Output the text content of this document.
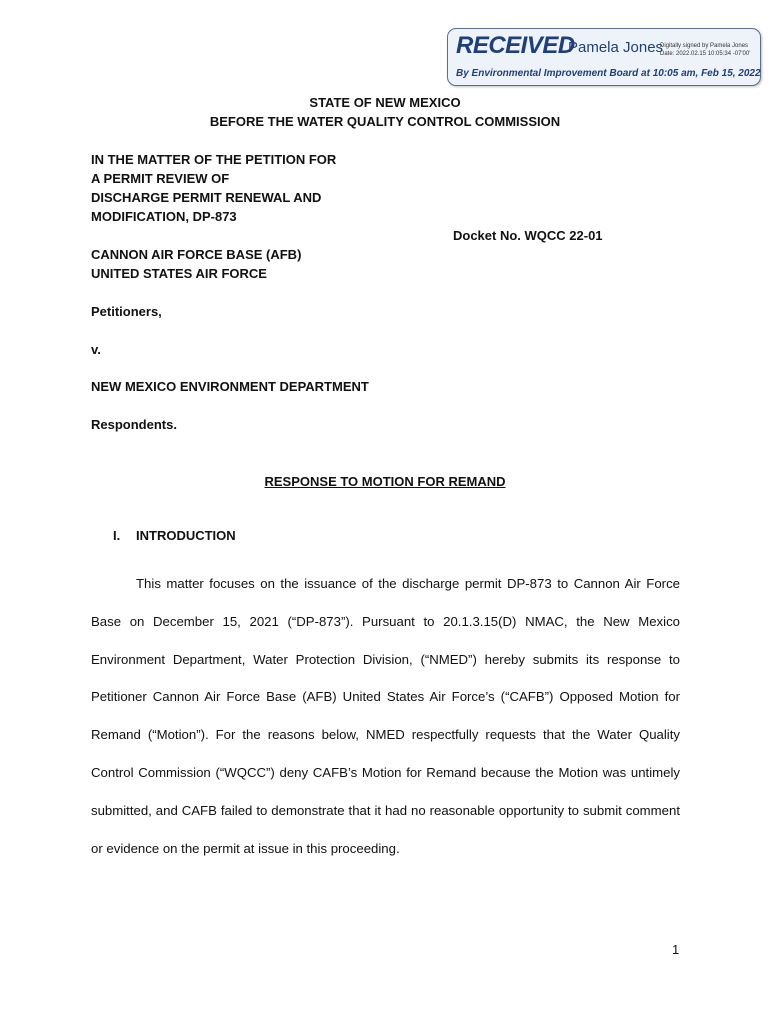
RECEIVED
Pamela Jones
Digitally signed by Pamela Jones
Date: 2022.02.15 10:05:34 -07'00'
By Environmental Improvement Board at 10:05 am, Feb 15, 2022
STATE OF NEW MEXICO
BEFORE THE WATER QUALITY CONTROL COMMISSION
IN THE MATTER OF THE PETITION FOR
A PERMIT REVIEW OF
DISCHARGE PERMIT RENEWAL AND
MODIFICATION, DP-873
Docket No. WQCC 22-01
CANNON AIR FORCE BASE (AFB)
UNITED STATES AIR FORCE
Petitioners,
v.
NEW MEXICO ENVIRONMENT DEPARTMENT
Respondents.
RESPONSE TO MOTION FOR REMAND
I. INTRODUCTION
This matter focuses on the issuance of the discharge permit DP-873 to Cannon Air Force Base on December 15, 2021 (“DP-873”). Pursuant to 20.1.3.15(D) NMAC, the New Mexico Environment Department, Water Protection Division, (“NMED”) hereby submits its response to Petitioner Cannon Air Force Base (AFB) United States Air Force’s (“CAFB”) Opposed Motion for Remand (“Motion”). For the reasons below, NMED respectfully requests that the Water Quality Control Commission (“WQCC”) deny CAFB’s Motion for Remand because the Motion was untimely submitted, and CAFB failed to demonstrate that it had no reasonable opportunity to submit comment or evidence on the permit at issue in this proceeding.
1
